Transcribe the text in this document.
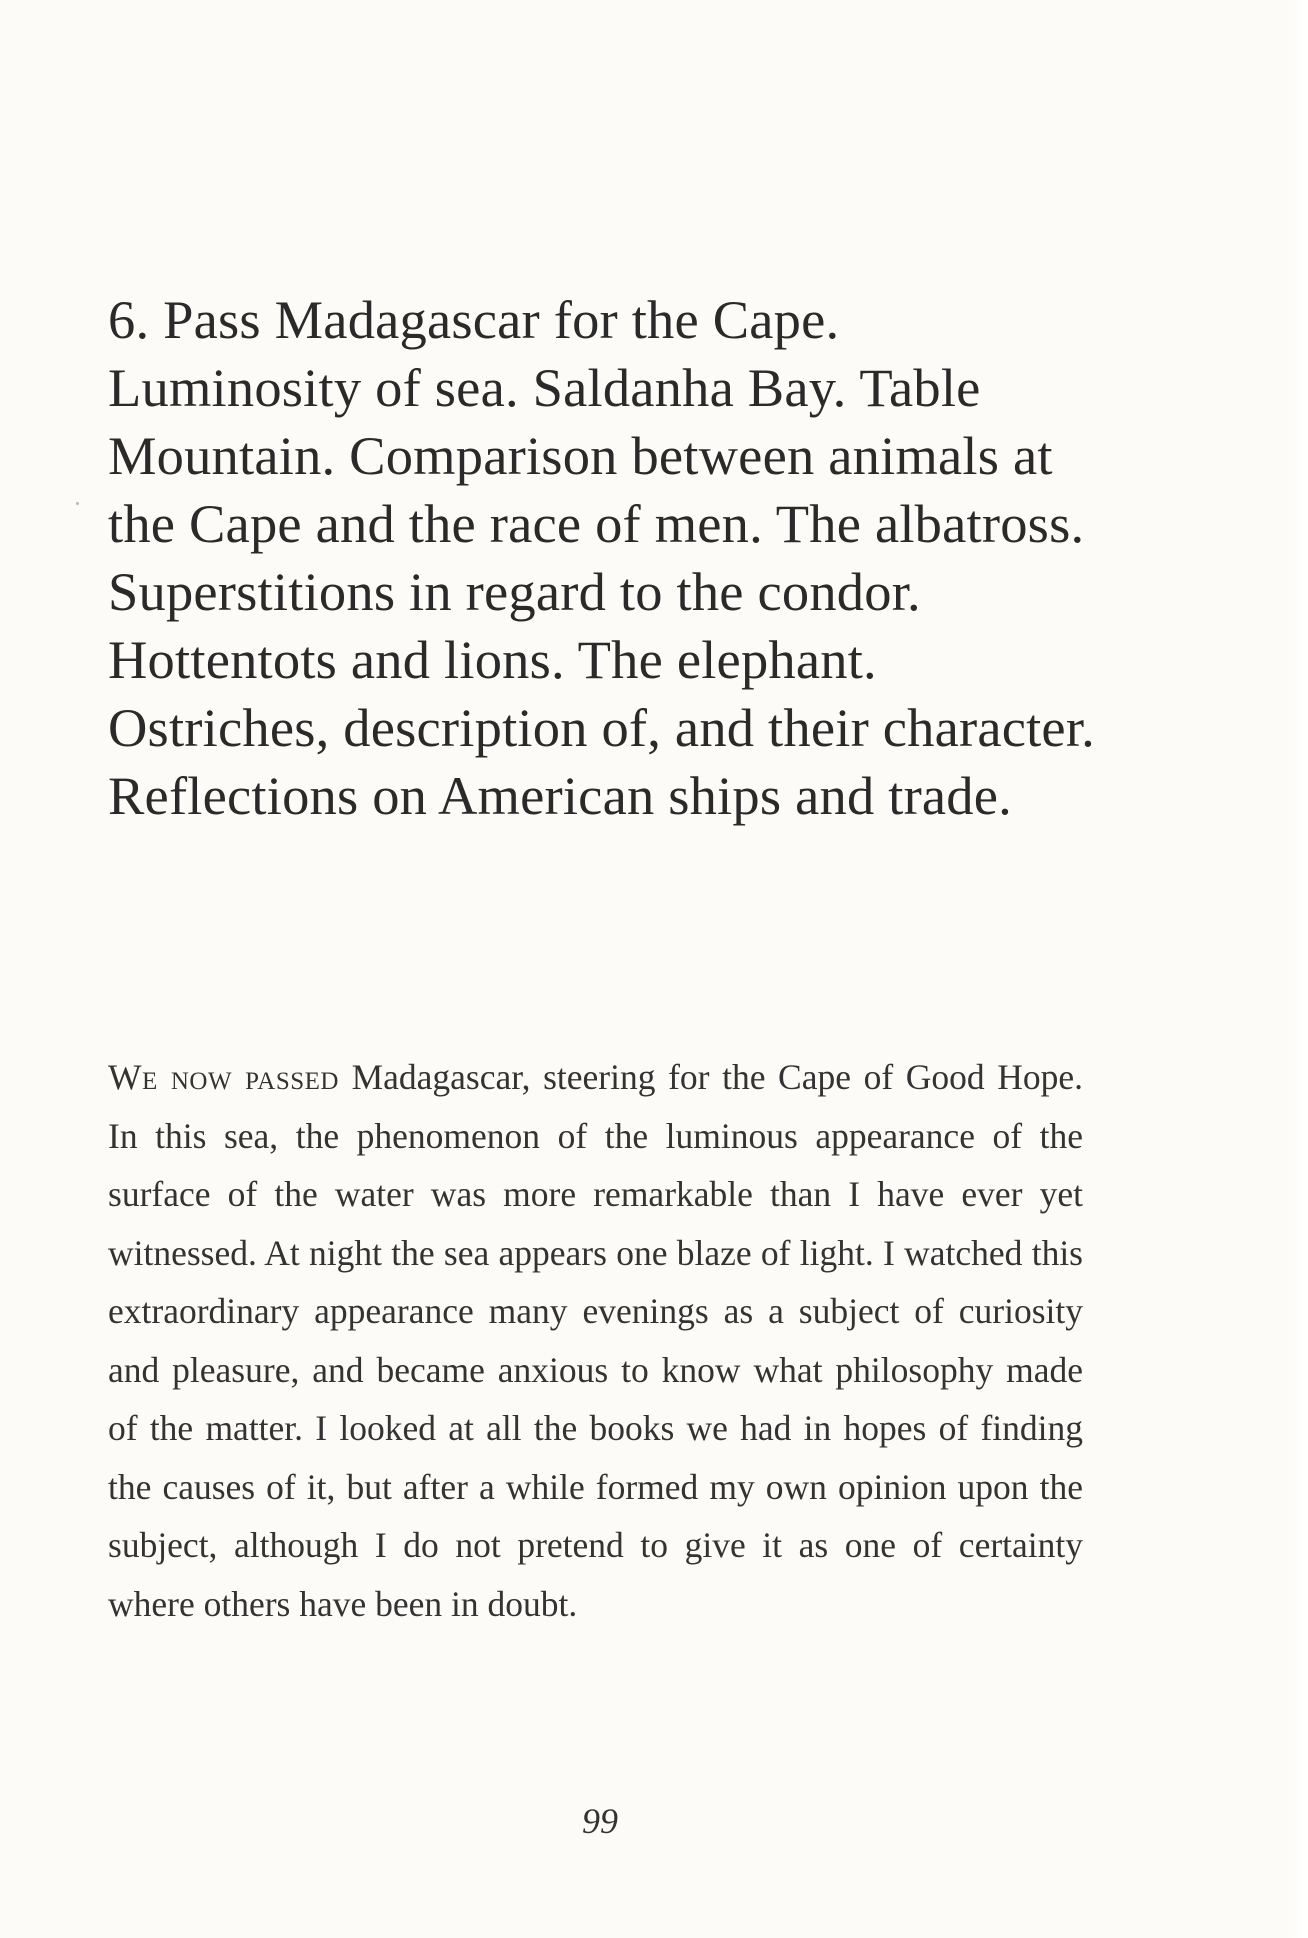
6. Pass Madagascar for the Cape. Luminosity of sea. Saldanha Bay. Table Mountain. Comparison between animals at the Cape and the race of men. The albatross. Superstitions in regard to the condor. Hottentots and lions. The elephant. Ostriches, description of, and their character. Reflections on American ships and trade.

We now passed Madagascar, steering for the Cape of Good Hope. In this sea, the phenomenon of the luminous appearance of the surface of the water was more remarkable than I have ever yet witnessed. At night the sea appears one blaze of light. I watched this extraordinary appearance many evenings as a subject of curiosity and pleasure, and became anxious to know what philosophy made of the matter. I looked at all the books we had in hopes of finding the causes of it, but after a while formed my own opinion upon the subject, although I do not pretend to give it as one of certainty where others have been in doubt.

99
